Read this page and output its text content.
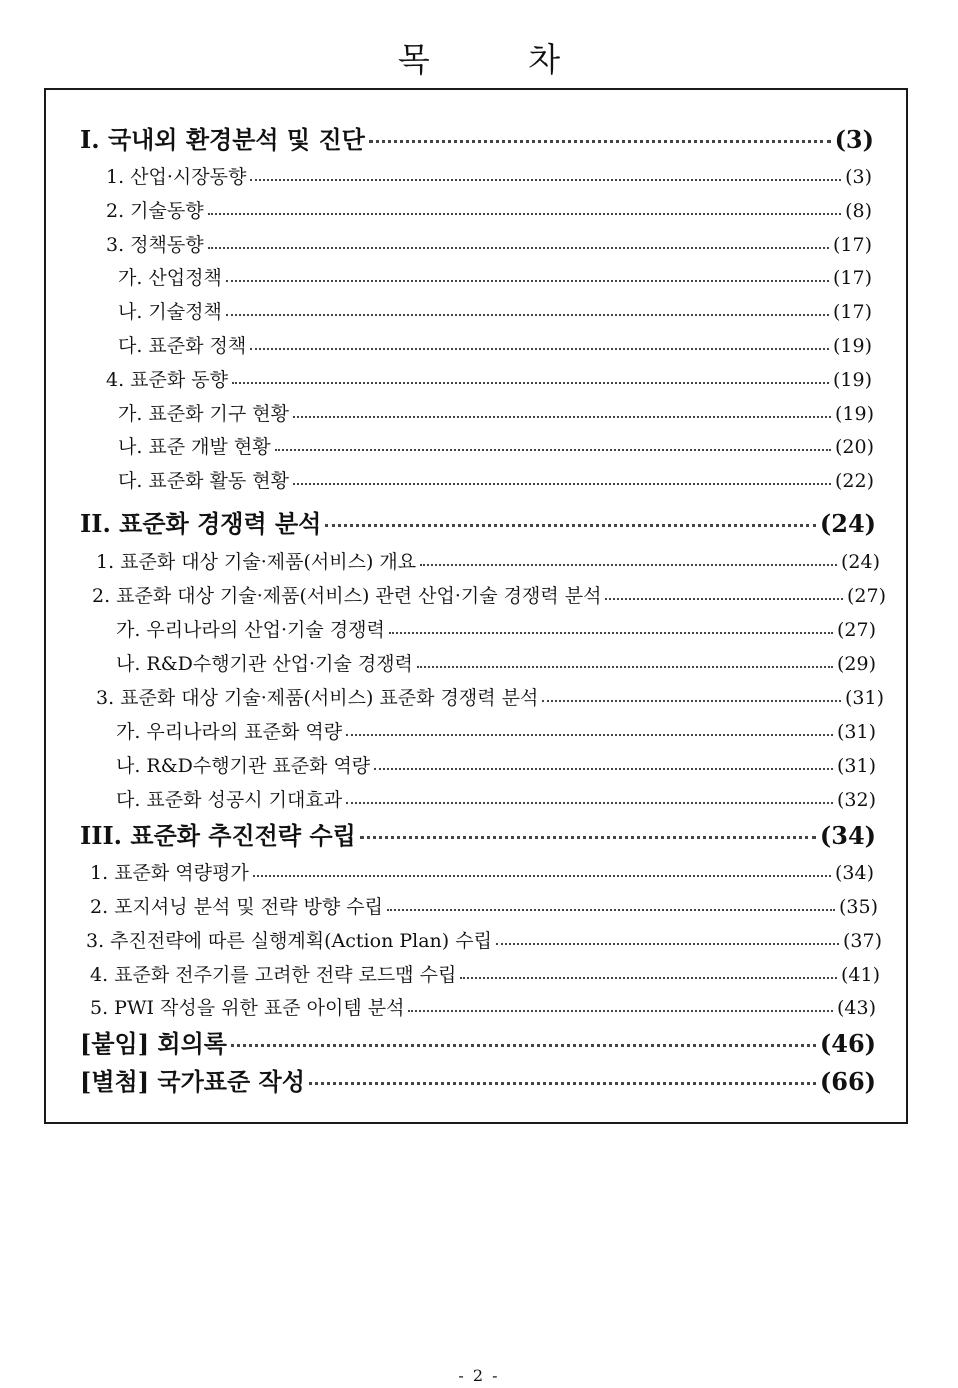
목 차
I. 국내외 환경분석 및 진단	(3)
1. 산업·시장동향	(3)
2. 기술동향	(8)
3. 정책동향	(17)
가. 산업정책	(17)
나. 기술정책	(17)
다. 표준화 정책	(19)
4. 표준화 동향	(19)
가. 표준화 기구 현황	(19)
나. 표준 개발 현황	(20)
다. 표준화 활동 현황	(22)
II. 표준화 경쟁력 분석	(24)
1. 표준화 대상 기술·제품(서비스) 개요	(24)
2. 표준화 대상 기술·제품(서비스) 관련 산업·기술 경쟁력 분석	(27)
가. 우리나라의 산업·기술 경쟁력	(27)
나. R&D수행기관 산업·기술 경쟁력	(29)
3. 표준화 대상 기술·제품(서비스) 표준화 경쟁력 분석	(31)
가. 우리나라의 표준화 역량	(31)
나. R&D수행기관 표준화 역량	(31)
다. 표준화 성공시 기대효과	(32)
III. 표준화 추진전략 수립	(34)
1. 표준화 역량평가	(34)
2. 포지셔닝 분석 및 전략 방향 수립	(35)
3. 추진전략에 따른 실행계획(Action Plan) 수립	(37)
4. 표준화 전주기를 고려한 전략 로드맵 수립	(41)
5. PWI 작성을 위한 표준 아이템 분석	(43)
[붙임] 회의록	(46)
[별첨] 국가표준 작성	(66)
- 2 -
